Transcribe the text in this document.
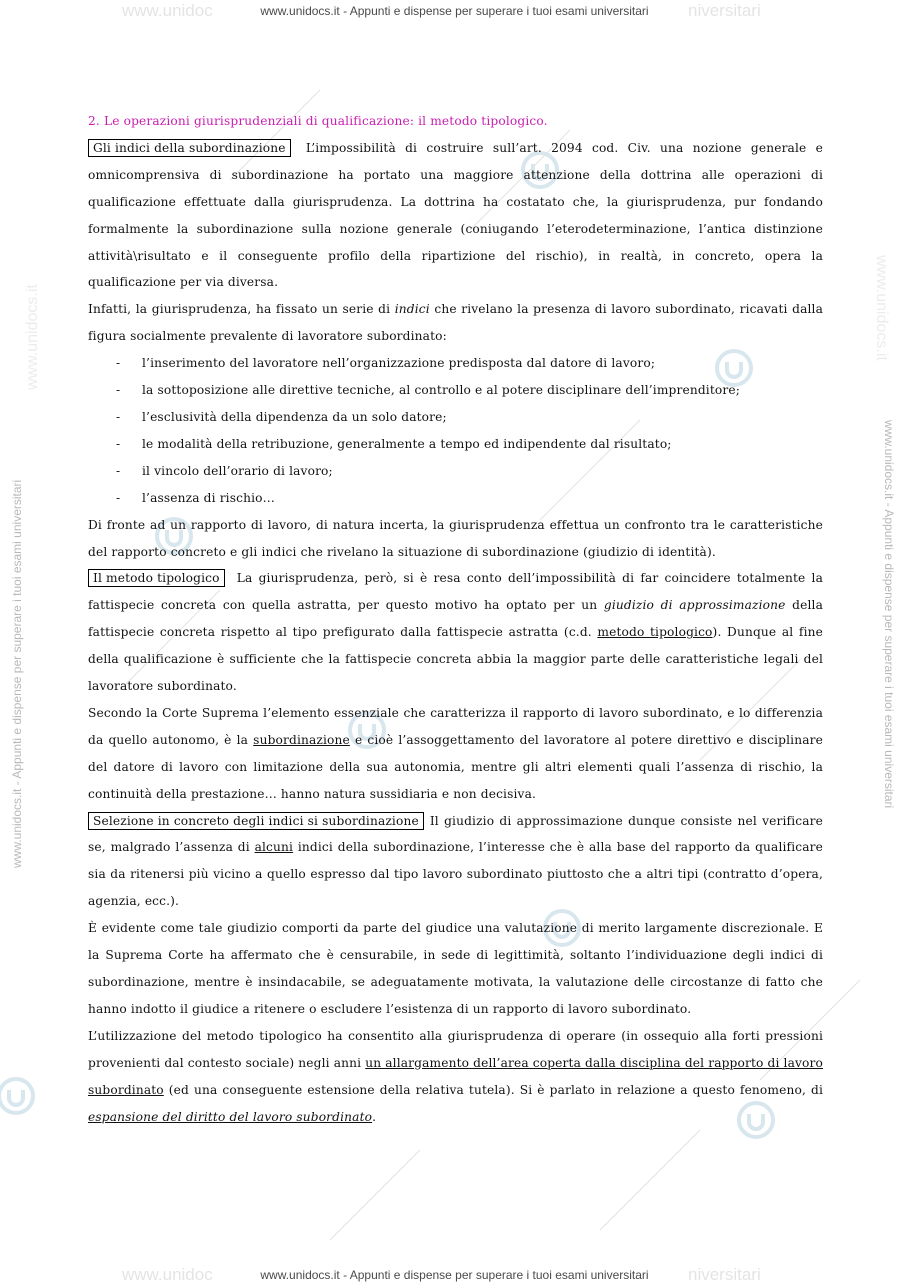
www.unidoc	www.unidocs.it - Appunti e dispense per superare i tuoi esami universitari niversitari
www.unidoc	www.unidocs.it - Appunti e dispense per superare i tuoi esami universitari niversitari
www.unidocs.it - Appunti e dispense per superare i tuoi esami universitari	www.unidocs.it - Appunti e dispense per superare i tuoi esami universitari
www.unidocs.it	www.unidocs.it

2. Le operazioni giurisprudenziali di qualificazione: il metodo tipologico.

Gli indici della subordinazione L’impossibilità di costruire sull’art. 2094 cod. Civ. una nozione generale e omnicomprensiva di subordinazione ha portato una maggiore attenzione della dottrina alle operazioni di qualificazione effettuate dalla giurisprudenza. La dottrina ha costatato che, la giurisprudenza, pur fondando formalmente la subordinazione sulla nozione generale (coniugando l’eterodeterminazione, l’antica distinzione attività\risultato e il conseguente profilo della ripartizione del rischio), in realtà, in concreto, opera la qualificazione per via diversa.

Infatti, la giurisprudenza, ha fissato un serie di indici che rivelano la presenza di lavoro subordinato, ricavati dalla figura socialmente prevalente di lavoratore subordinato:

- l’inserimento del lavoratore nell’organizzazione predisposta dal datore di lavoro;
- la sottoposizione alle direttive tecniche, al controllo e al potere disciplinare dell’imprenditore;
- l’esclusività della dipendenza da un solo datore;
- le modalità della retribuzione, generalmente a tempo ed indipendente dal risultato;
- il vincolo dell’orario di lavoro;
- l’assenza di rischio…

Di fronte ad un rapporto di lavoro, di natura incerta, la giurisprudenza effettua un confronto tra le caratteristiche del rapporto concreto e gli indici che rivelano la situazione di subordinazione (giudizio di identità).

Il metodo tipologico La giurisprudenza, però, si è resa conto dell’impossibilità di far coincidere totalmente la fattispecie concreta con quella astratta, per questo motivo ha optato per un giudizio di approssimazione della fattispecie concreta rispetto al tipo prefigurato dalla fattispecie astratta (c.d. metodo tipologico). Dunque al fine della qualificazione è sufficiente che la fattispecie concreta abbia la maggior parte delle caratteristiche legali del lavoratore subordinato.

Secondo la Corte Suprema l’elemento essenziale che caratterizza il rapporto di lavoro subordinato, e lo differenzia da quello autonomo, è la subordinazione e cioè l’assoggettamento del lavoratore al potere direttivo e disciplinare del datore di lavoro con limitazione della sua autonomia, mentre gli altri elementi quali l’assenza di rischio, la continuità della prestazione… hanno natura sussidiaria e non decisiva.

Selezione in concreto degli indici si subordinazione Il giudizio di approssimazione dunque consiste nel verificare se, malgrado l’assenza di alcuni indici della subordinazione, l’interesse che è alla base del rapporto da qualificare sia da ritenersi più vicino a quello espresso dal tipo lavoro subordinato piuttosto che a altri tipi (contratto d’opera, agenzia, ecc.).

È evidente come tale giudizio comporti da parte del giudice una valutazione di merito largamente discrezionale. E la Suprema Corte ha affermato che è censurabile, in sede di legittimità, soltanto l’individuazione degli indici di subordinazione, mentre è insindacabile, se adeguatamente motivata, la valutazione delle circostanze di fatto che hanno indotto il giudice a ritenere o escludere l’esistenza di un rapporto di lavoro subordinato.

L’utilizzazione del metodo tipologico ha consentito alla giurisprudenza di operare (in ossequio alla forti pressioni provenienti dal contesto sociale) negli anni un allargamento dell’area coperta dalla disciplina del rapporto di lavoro subordinato (ed una conseguente estensione della relativa tutela). Si è parlato in relazione a questo fenomeno, di espansione del diritto del lavoro subordinato.
